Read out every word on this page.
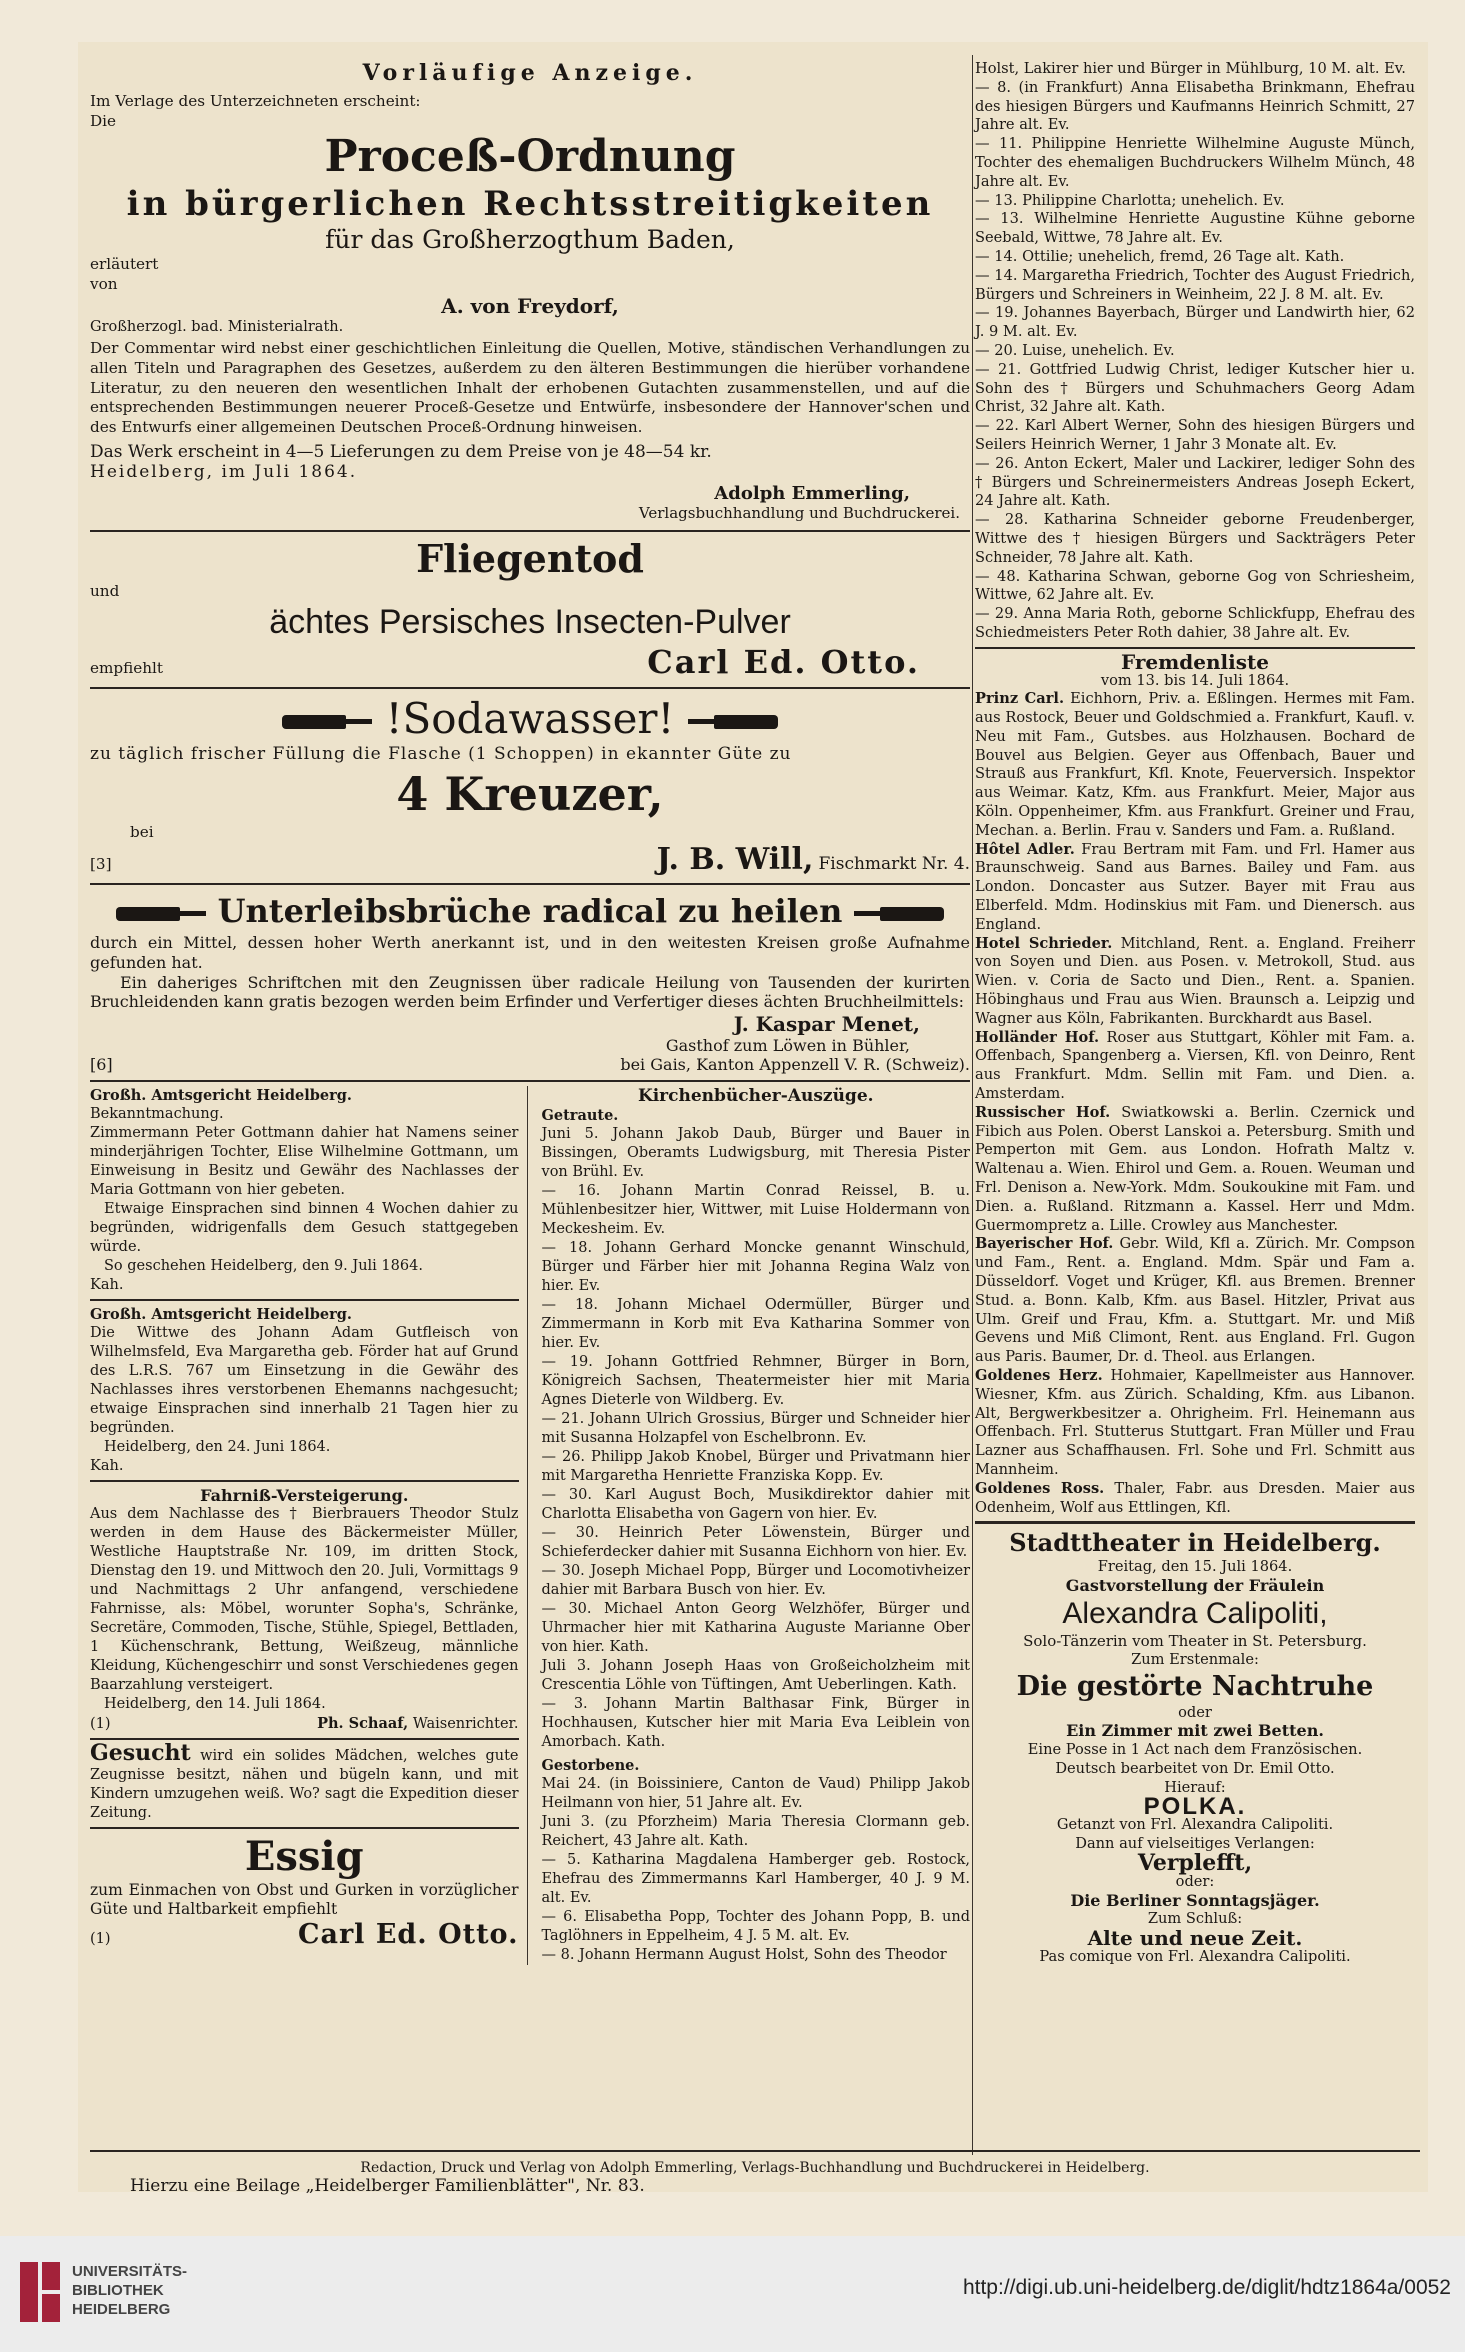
Vorläufige Anzeige.

Im Verlage des Unterzeichneten erscheint:

Die

Proceß-Ordnung

in bürgerlichen Rechtsstreitigkeiten

für das Großherzogthum Baden,

erläutert

von

A. von Freydorf,

Großherzogl. bad. Ministerialrath.

Der Commentar wird nebst einer geschichtlichen Einleitung die Quellen, Motive, ständischen Verhandlungen zu allen Titeln und Paragraphen des Gesetzes, außerdem zu den älteren Bestimmungen die hierüber vorhandene Literatur, zu den neueren den wesentlichen Inhalt der erhobenen Gutachten zusammenstellen, und auf die entsprechenden Bestimmungen neuerer Proceß-Gesetze und Entwürfe, insbesondere der Hannover'schen und des Entwurfs einer allgemeinen Deutschen Proceß-Ordnung hinweisen.

Das Werk erscheint in 4—5 Lieferungen zu dem Preise von je 48—54 kr.

Heidelberg, im Juli 1864.

Adolph Emmerling,

Verlagsbuchhandlung und Buchdruckerei.

Fliegentod

und

ächtes Persisches Insecten-Pulver

empfiehlt	Carl Ed. Otto.

!Sodawasser!

zu täglich frischer Füllung die Flasche (1 Schoppen) in ekannter Güte zu

4 Kreuzer,

bei

[3]	J. B. Will, Fischmarkt Nr. 4.

Unterleibsbrüche radical zu heilen

durch ein Mittel, dessen hoher Werth anerkannt ist, und in den weitesten Kreisen große Aufnahme gefunden hat.

Ein daheriges Schriftchen mit den Zeugnissen über radicale Heilung von Tausenden der kurirten Bruchleidenden kann gratis bezogen werden beim Erfinder und Verfertiger dieses ächten Bruchheilmittels:

J. Kaspar Menet,

Gasthof zum Löwen in Bühler,

[6]	bei Gais, Kanton Appenzell V. R. (Schweiz).

Großh. Amtsgericht Heidelberg.

Bekanntmachung.

Zimmermann Peter Gottmann dahier hat Namens seiner minderjährigen Tochter, Elise Wilhelmine Gottmann, um Einweisung in Besitz und Gewähr des Nachlasses der Maria Gottmann von hier gebeten.

Etwaige Einsprachen sind binnen 4 Wochen dahier zu begründen, widrigenfalls dem Gesuch stattgegeben würde.

So geschehen Heidelberg, den 9. Juli 1864.

Kah.

Großh. Amtsgericht Heidelberg.

Die Wittwe des Johann Adam Gutfleisch von Wilhelmsfeld, Eva Margaretha geb. Förder hat auf Grund des L.R.S. 767 um Einsetzung in die Gewähr des Nachlasses ihres verstorbenen Ehemanns nachgesucht; etwaige Einsprachen sind innerhalb 21 Tagen hier zu begründen.

Heidelberg, den 24. Juni 1864.

Kah.

Fahrniß-Versteigerung.

Aus dem Nachlasse des † Bierbrauers Theodor Stulz werden in dem Hause des Bäckermeister Müller, Westliche Hauptstraße Nr. 109, im dritten Stock, Dienstag den 19. und Mittwoch den 20. Juli, Vormittags 9 und Nachmittags 2 Uhr anfangend, verschiedene Fahrnisse, als: Möbel, worunter Sopha's, Schränke, Secretäre, Commoden, Tische, Stühle, Spiegel, Bettladen, 1 Küchenschrank, Bettung, Weißzeug, männliche Kleidung, Küchengeschirr und sonst Verschiedenes gegen Baarzahlung versteigert.

Heidelberg, den 14. Juli 1864.

(1)	Ph. Schaaf, Waisenrichter.

Gesucht wird ein solides Mädchen, welches gute Zeugnisse besitzt, nähen und bügeln kann, und mit Kindern umzugehen weiß. Wo? sagt die Expedition dieser Zeitung.

Essig

zum Einmachen von Obst und Gurken in vorzüglicher Güte und Haltbarkeit empfiehlt

(1)	Carl Ed. Otto.

Kirchenbücher-Auszüge.

Getraute.

Juni 5. Johann Jakob Daub, Bürger und Bauer in Bissingen, Oberamts Ludwigsburg, mit Theresia Pister von Brühl. Ev.

— 16. Johann Martin Conrad Reissel, B. u. Mühlenbesitzer hier, Wittwer, mit Luise Holdermann von Meckesheim. Ev.

— 18. Johann Gerhard Moncke genannt Winschuld, Bürger und Färber hier mit Johanna Regina Walz von hier. Ev.

— 18. Johann Michael Odermüller, Bürger und Zimmermann in Korb mit Eva Katharina Sommer von hier. Ev.

— 19. Johann Gottfried Rehmner, Bürger in Born, Königreich Sachsen, Theatermeister hier mit Maria Agnes Dieterle von Wildberg. Ev.

— 21. Johann Ulrich Grossius, Bürger und Schneider hier mit Susanna Holzapfel von Eschelbronn. Ev.

— 26. Philipp Jakob Knobel, Bürger und Privatmann hier mit Margaretha Henriette Franziska Kopp. Ev.

— 30. Karl August Boch, Musikdirektor dahier mit Charlotta Elisabetha von Gagern von hier. Ev.

— 30. Heinrich Peter Löwenstein, Bürger und Schieferdecker dahier mit Susanna Eichhorn von hier. Ev.

— 30. Joseph Michael Popp, Bürger und Locomotivheizer dahier mit Barbara Busch von hier. Ev.

— 30. Michael Anton Georg Welzhöfer, Bürger und Uhrmacher hier mit Katharina Auguste Marianne Ober von hier. Kath.

Juli 3. Johann Joseph Haas von Großeicholzheim mit Crescentia Löhle von Tüftingen, Amt Ueberlingen. Kath.

— 3. Johann Martin Balthasar Fink, Bürger in Hochhausen, Kutscher hier mit Maria Eva Leiblein von Amorbach. Kath.

Gestorbene.

Mai 24. (in Boissiniere, Canton de Vaud) Philipp Jakob Heilmann von hier, 51 Jahre alt. Ev.

Juni 3. (zu Pforzheim) Maria Theresia Clormann geb. Reichert, 43 Jahre alt. Kath.

— 5. Katharina Magdalena Hamberger geb. Rostock, Ehefrau des Zimmermanns Karl Hamberger, 40 J. 9 M. alt. Ev.

— 6. Elisabetha Popp, Tochter des Johann Popp, B. und Taglöhners in Eppelheim, 4 J. 5 M. alt. Ev.

— 8. Johann Hermann August Holst, Sohn des Theodor

Holst, Lakirer hier und Bürger in Mühlburg, 10 M. alt. Ev.

— 8. (in Frankfurt) Anna Elisabetha Brinkmann, Ehefrau des hiesigen Bürgers und Kaufmanns Heinrich Schmitt, 27 Jahre alt. Ev.

— 11. Philippine Henriette Wilhelmine Auguste Münch, Tochter des ehemaligen Buchdruckers Wilhelm Münch, 48 Jahre alt. Ev.

— 13. Philippine Charlotta; unehelich. Ev.

— 13. Wilhelmine Henriette Augustine Kühne geborne Seebald, Wittwe, 78 Jahre alt. Ev.

— 14. Ottilie; unehelich, fremd, 26 Tage alt. Kath.

— 14. Margaretha Friedrich, Tochter des August Friedrich, Bürgers und Schreiners in Weinheim, 22 J. 8 M. alt. Ev.

— 19. Johannes Bayerbach, Bürger und Landwirth hier, 62 J. 9 M. alt. Ev.

— 20. Luise, unehelich. Ev.

— 21. Gottfried Ludwig Christ, lediger Kutscher hier u. Sohn des † Bürgers und Schuhmachers Georg Adam Christ, 32 Jahre alt. Kath.

— 22. Karl Albert Werner, Sohn des hiesigen Bürgers und Seilers Heinrich Werner, 1 Jahr 3 Monate alt. Ev.

— 26. Anton Eckert, Maler und Lackirer, lediger Sohn des † Bürgers und Schreinermeisters Andreas Joseph Eckert, 24 Jahre alt. Kath.

— 28. Katharina Schneider geborne Freudenberger, Wittwe des † hiesigen Bürgers und Sackträgers Peter Schneider, 78 Jahre alt. Kath.

— 48. Katharina Schwan, geborne Gog von Schriesheim, Wittwe, 62 Jahre alt. Ev.

— 29. Anna Maria Roth, geborne Schlickfupp, Ehefrau des Schiedmeisters Peter Roth dahier, 38 Jahre alt. Ev.

Fremdenliste

vom 13. bis 14. Juli 1864.

Prinz Carl. Eichhorn, Priv. a. Eßlingen. Hermes mit Fam. aus Rostock, Beuer und Goldschmied a. Frankfurt, Kaufl. v. Neu mit Fam., Gutsbes. aus Holzhausen. Bochard de Bouvel aus Belgien. Geyer aus Offenbach, Bauer und Strauß aus Frankfurt, Kfl. Knote, Feuerversich. Inspektor aus Weimar. Katz, Kfm. aus Frankfurt. Meier, Major aus Köln. Oppenheimer, Kfm. aus Frankfurt. Greiner und Frau, Mechan. a. Berlin. Frau v. Sanders und Fam. a. Rußland.

Hôtel Adler. Frau Bertram mit Fam. und Frl. Hamer aus Braunschweig. Sand aus Barnes. Bailey und Fam. aus London. Doncaster aus Sutzer. Bayer mit Frau aus Elberfeld. Mdm. Hodinskius mit Fam. und Dienersch. aus England.

Hotel Schrieder. Mitchland, Rent. a. England. Freiherr von Soyen und Dien. aus Posen. v. Metrokoll, Stud. aus Wien. v. Coria de Sacto und Dien., Rent. a. Spanien. Höbinghaus und Frau aus Wien. Braunsch a. Leipzig und Wagner aus Köln, Fabrikanten. Burckhardt aus Basel.

Holländer Hof. Roser aus Stuttgart, Köhler mit Fam. a. Offenbach, Spangenberg a. Viersen, Kfl. von Deinro, Rent aus Frankfurt. Mdm. Sellin mit Fam. und Dien. a. Amsterdam.

Russischer Hof. Swiatkowski a. Berlin. Czernick und Fibich aus Polen. Oberst Lanskoi a. Petersburg. Smith und Pemperton mit Gem. aus London. Hofrath Maltz v. Waltenau a. Wien. Ehirol und Gem. a. Rouen. Weuman und Frl. Denison a. New-York. Mdm. Soukoukine mit Fam. und Dien. a. Rußland. Ritzmann a. Kassel. Herr und Mdm. Guermompretz a. Lille. Crowley aus Manchester.

Bayerischer Hof. Gebr. Wild, Kfl a. Zürich. Mr. Compson und Fam., Rent. a. England. Mdm. Spär und Fam a. Düsseldorf. Voget und Krüger, Kfl. aus Bremen. Brenner Stud. a. Bonn. Kalb, Kfm. aus Basel. Hitzler, Privat aus Ulm. Greif und Frau, Kfm. a. Stuttgart. Mr. und Miß Gevens und Miß Climont, Rent. aus England. Frl. Gugon aus Paris. Baumer, Dr. d. Theol. aus Erlangen.

Goldenes Herz. Hohmaier, Kapellmeister aus Hannover. Wiesner, Kfm. aus Zürich. Schalding, Kfm. aus Libanon. Alt, Bergwerkbesitzer a. Ohrigheim. Frl. Heinemann aus Offenbach. Frl. Stutterus Stuttgart. Fran Müller und Frau Lazner aus Schaffhausen. Frl. Sohe und Frl. Schmitt aus Mannheim.

Goldenes Ross. Thaler, Fabr. aus Dresden. Maier aus Odenheim, Wolf aus Ettlingen, Kfl.

Stadttheater in Heidelberg.

Freitag, den 15. Juli 1864.

Gastvorstellung der Fräulein

Alexandra Calipoliti,

Solo-Tänzerin vom Theater in St. Petersburg.

Zum Erstenmale:

Die gestörte Nachtruhe

oder

Ein Zimmer mit zwei Betten.

Eine Posse in 1 Act nach dem Französischen.

Deutsch bearbeitet von Dr. Emil Otto.

Hierauf:

POLKA.

Getanzt von Frl. Alexandra Calipoliti.

Dann auf vielseitiges Verlangen:

Verplefft,

oder:

Die Berliner Sonntagsjäger.

Zum Schluß:

Alte und neue Zeit.

Pas comique von Frl. Alexandra Calipoliti.

Redaction, Druck und Verlag von Adolph Emmerling, Verlags-Buchhandlung und Buchdruckerei in Heidelberg.

Hierzu eine Beilage „Heidelberger Familienblätter", Nr. 83.

UNIVERSITÄTS-
BIBLIOTHEK
HEIDELBERG
http://digi.ub.uni-heidelberg.de/diglit/hdtz1864a/0052
